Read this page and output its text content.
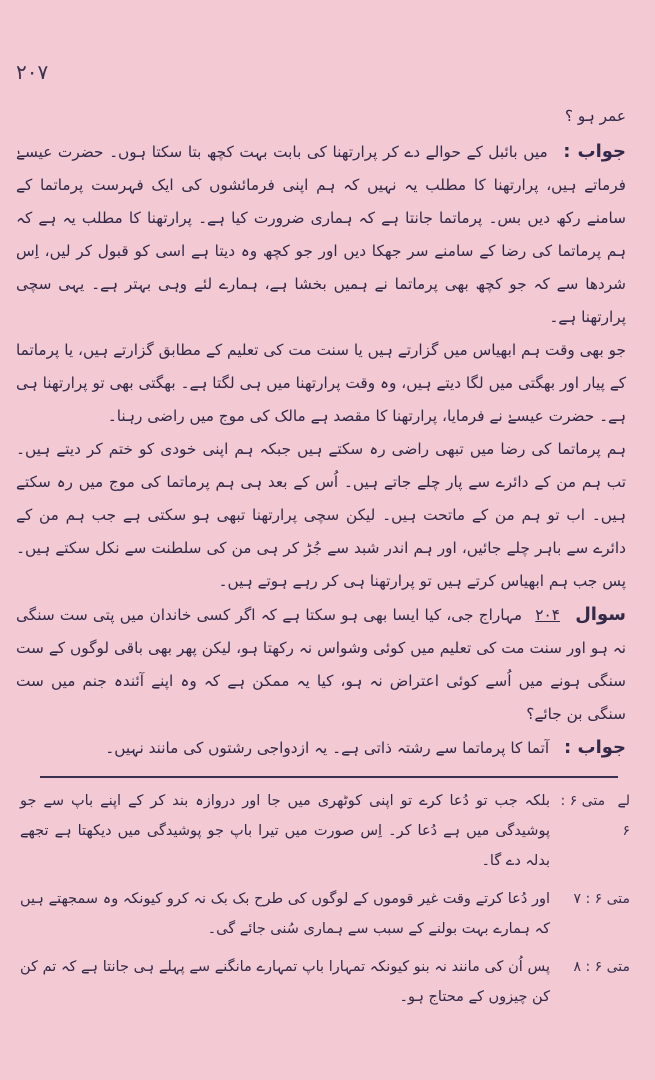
۲۰۷

عمر ہو ؟

جواب : میں بائبل کے حوالے دے کر پرارتھنا کی بابت بہت کچھ بتا سکتا ہوں۔ حضرت عیسےٰ فرماتے ہیں، پرارتھنا کا مطلب یہ نہیں کہ ہم اپنی فرمائشوں کی ایک فہرست پرماتما کے سامنے رکھ دیں بس۔ پرماتما جانتا ہے کہ ہماری ضرورت کیا ہے۔ پرارتھنا کا مطلب یہ ہے کہ ہم پرماتما کی رضا کے سامنے سر جھکا دیں اور جو کچھ وہ دیتا ہے اسی کو قبول کر لیں، اِس شردھا سے کہ جو کچھ بھی پرماتما نے ہمیں بخشا ہے، ہمارے لئے وہی بہتر ہے۔ یہی سچی پرارتھنا ہے۔

جو بھی وقت ہم ابھیاس میں گزارتے ہیں یا سنت مت کی تعلیم کے مطابق گزارتے ہیں، یا پرماتما کے پیار اور بھگتی میں لگا دیتے ہیں، وہ وقت پرارتھنا میں ہی لگتا ہے۔ بھگتی بھی تو پرارتھنا ہی ہے۔ حضرت عیسےٰ نے فرمایا، پرارتھنا کا مقصد ہے مالک کی موج میں راضی رہنا۔

ہم پرماتما کی رضا میں تبھی راضی رہ سکتے ہیں جبکہ ہم اپنی خودی کو ختم کر دیتے ہیں۔ تب ہم من کے دائرے سے پار چلے جاتے ہیں۔ اُس کے بعد ہی ہم پرماتما کی موج میں رہ سکتے ہیں۔ اب تو ہم من کے ماتحت ہیں۔ لیکن سچی پرارتھنا تبھی ہو سکتی ہے جب ہم من کے دائرے سے باہر چلے جائیں، اور ہم اندر شبد سے جُڑ کر ہی من کی سلطنت سے نکل سکتے ہیں۔ پس جب ہم ابھیاس کرتے ہیں تو پرارتھنا ہی کر رہے ہوتے ہیں۔

سوال ۲۰۴ مہاراج جی، کیا ایسا بھی ہو سکتا ہے کہ اگر کسی خاندان میں پتی ست سنگی نہ ہو اور سنت مت کی تعلیم میں کوئی وشواس نہ رکھتا ہو، لیکن پھر بھی باقی لوگوں کے ست سنگی ہونے میں اُسے کوئی اعتراض نہ ہو، کیا یہ ممکن ہے کہ وہ اپنے آئندہ جنم میں ست سنگی بن جائے؟

جواب : آتما کا پرماتما سے رشتہ ذاتی ہے۔ یہ ازدواجی رشتوں کی مانند نہیں۔

لے متی ۶ : ۶
بلکہ جب تو دُعا کرے تو اپنی کوٹھری میں جا اور دروازہ بند کر کے اپنے باپ سے جو پوشیدگی میں ہے دُعا کر۔ اِس صورت میں تیرا باپ جو پوشیدگی میں دیکھتا ہے تجھے بدلہ دے گا۔
متی ۶ : ۷
اور دُعا کرتے وقت غیر قوموں کے لوگوں کی طرح بک بک نہ کرو کیونکہ وہ سمجھتے ہیں کہ ہمارے بہت بولنے کے سبب سے ہماری سُنی جائے گی۔
متی ۶ : ۸
پس اُن کی مانند نہ بنو کیونکہ تمہارا باپ تمہارے مانگنے سے پہلے ہی جانتا ہے کہ تم کن کن چیزوں کے محتاج ہو۔
